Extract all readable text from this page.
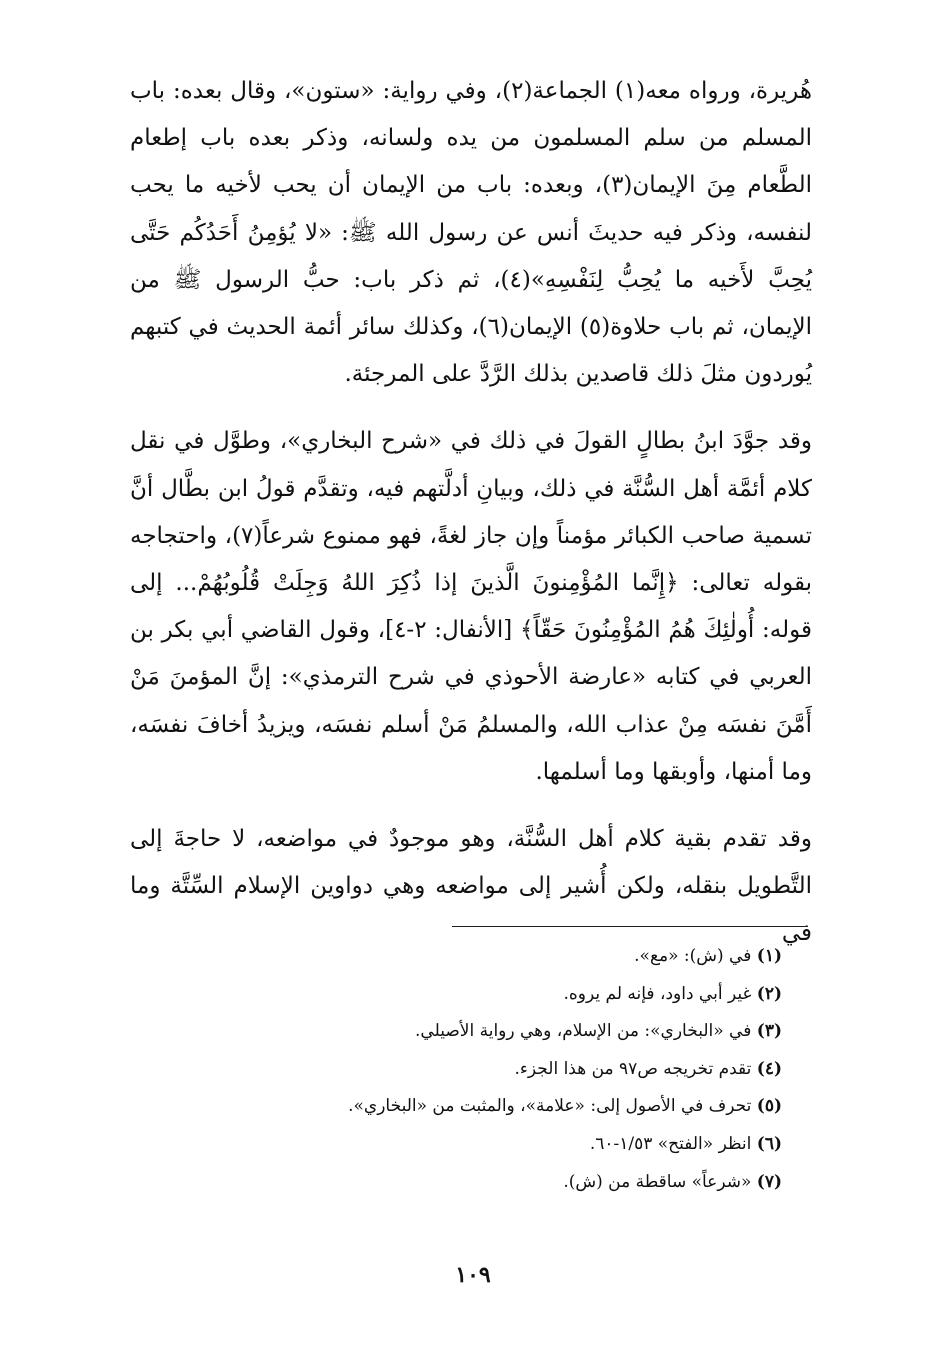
هُريرة، ورواه معه(١) الجماعة(٢)، وفي رواية: «ستون»، وقال بعده: باب المسلم من سلم المسلمون من يده ولسانه، وذكر بعده باب إطعام الطَّعام مِنَ الإيمان(٣)، وبعده: باب من الإيمان أن يحب لأخيه ما يحب لنفسه، وذكر فيه حديثَ أنس عن رسول الله ﷺ: «لا يُؤمِنُ أَحَدُكُم حَتَّى يُحِبَّ لأَخيه ما يُحِبُّ لِنَفْسِهِ»(٤)، ثم ذكر باب: حبُّ الرسول ﷺ من الإيمان، ثم باب حلاوة(٥) الإيمان(٦)، وكذلك سائر أئمة الحديث في كتبهم يُوردون مثلَ ذلك قاصدين بذلك الرَّدَّ على المرجئة.

وقد جوَّدَ ابنُ بطالٍ القولَ في ذلك في «شرح البخاري»، وطوَّل في نقل كلام أئمَّة أهل السُّنَّة في ذلك، وبيانِ أدلَّتهم فيه، وتقدَّم قولُ ابن بطَّال أنَّ تسمية صاحب الكبائر مؤمناً وإن جاز لغةً، فهو ممنوع شرعاً(٧)، واحتجاجه بقوله تعالى: ﴿إِنَّما المُؤْمِنونَ الَّذينَ إذا ذُكِرَ اللهُ وَجِلَتْ قُلُوبُهُمْ... إلى قوله: أُولٰئِكَ هُمُ المُؤْمِنُونَ حَقّاً﴾ [الأنفال: ٢-٤]، وقول القاضي أبي بكر بن العربي في كتابه «عارضة الأحوذي في شرح الترمذي»: إنَّ المؤمنَ مَنْ أَمَّنَ نفسَه مِنْ عذاب الله، والمسلمُ مَنْ أسلم نفسَه، ويزيدُ أخافَ نفسَه، وما أمنها، وأوبقها وما أسلمها.

وقد تقدم بقية كلام أهل السُّنَّة، وهو موجودٌ في مواضعه، لا حاجةَ إلى التَّطويل بنقله، ولكن أُشير إلى مواضعه وهي دواوين الإسلام السِّتَّة وما في

(١) في (ش): «مع».
(٢) غير أبي داود، فإنه لم يروه.
(٣) في «البخاري»: من الإسلام، وهي رواية الأصيلي.
(٤) تقدم تخريجه ص٩٧ من هذا الجزء.
(٥) تحرف في الأصول إلى: «علامة»، والمثبت من «البخاري».
(٦) انظر «الفتح» ١/٥٣-٦٠.
(٧) «شرعاً» ساقطة من (ش).
١٠٩
